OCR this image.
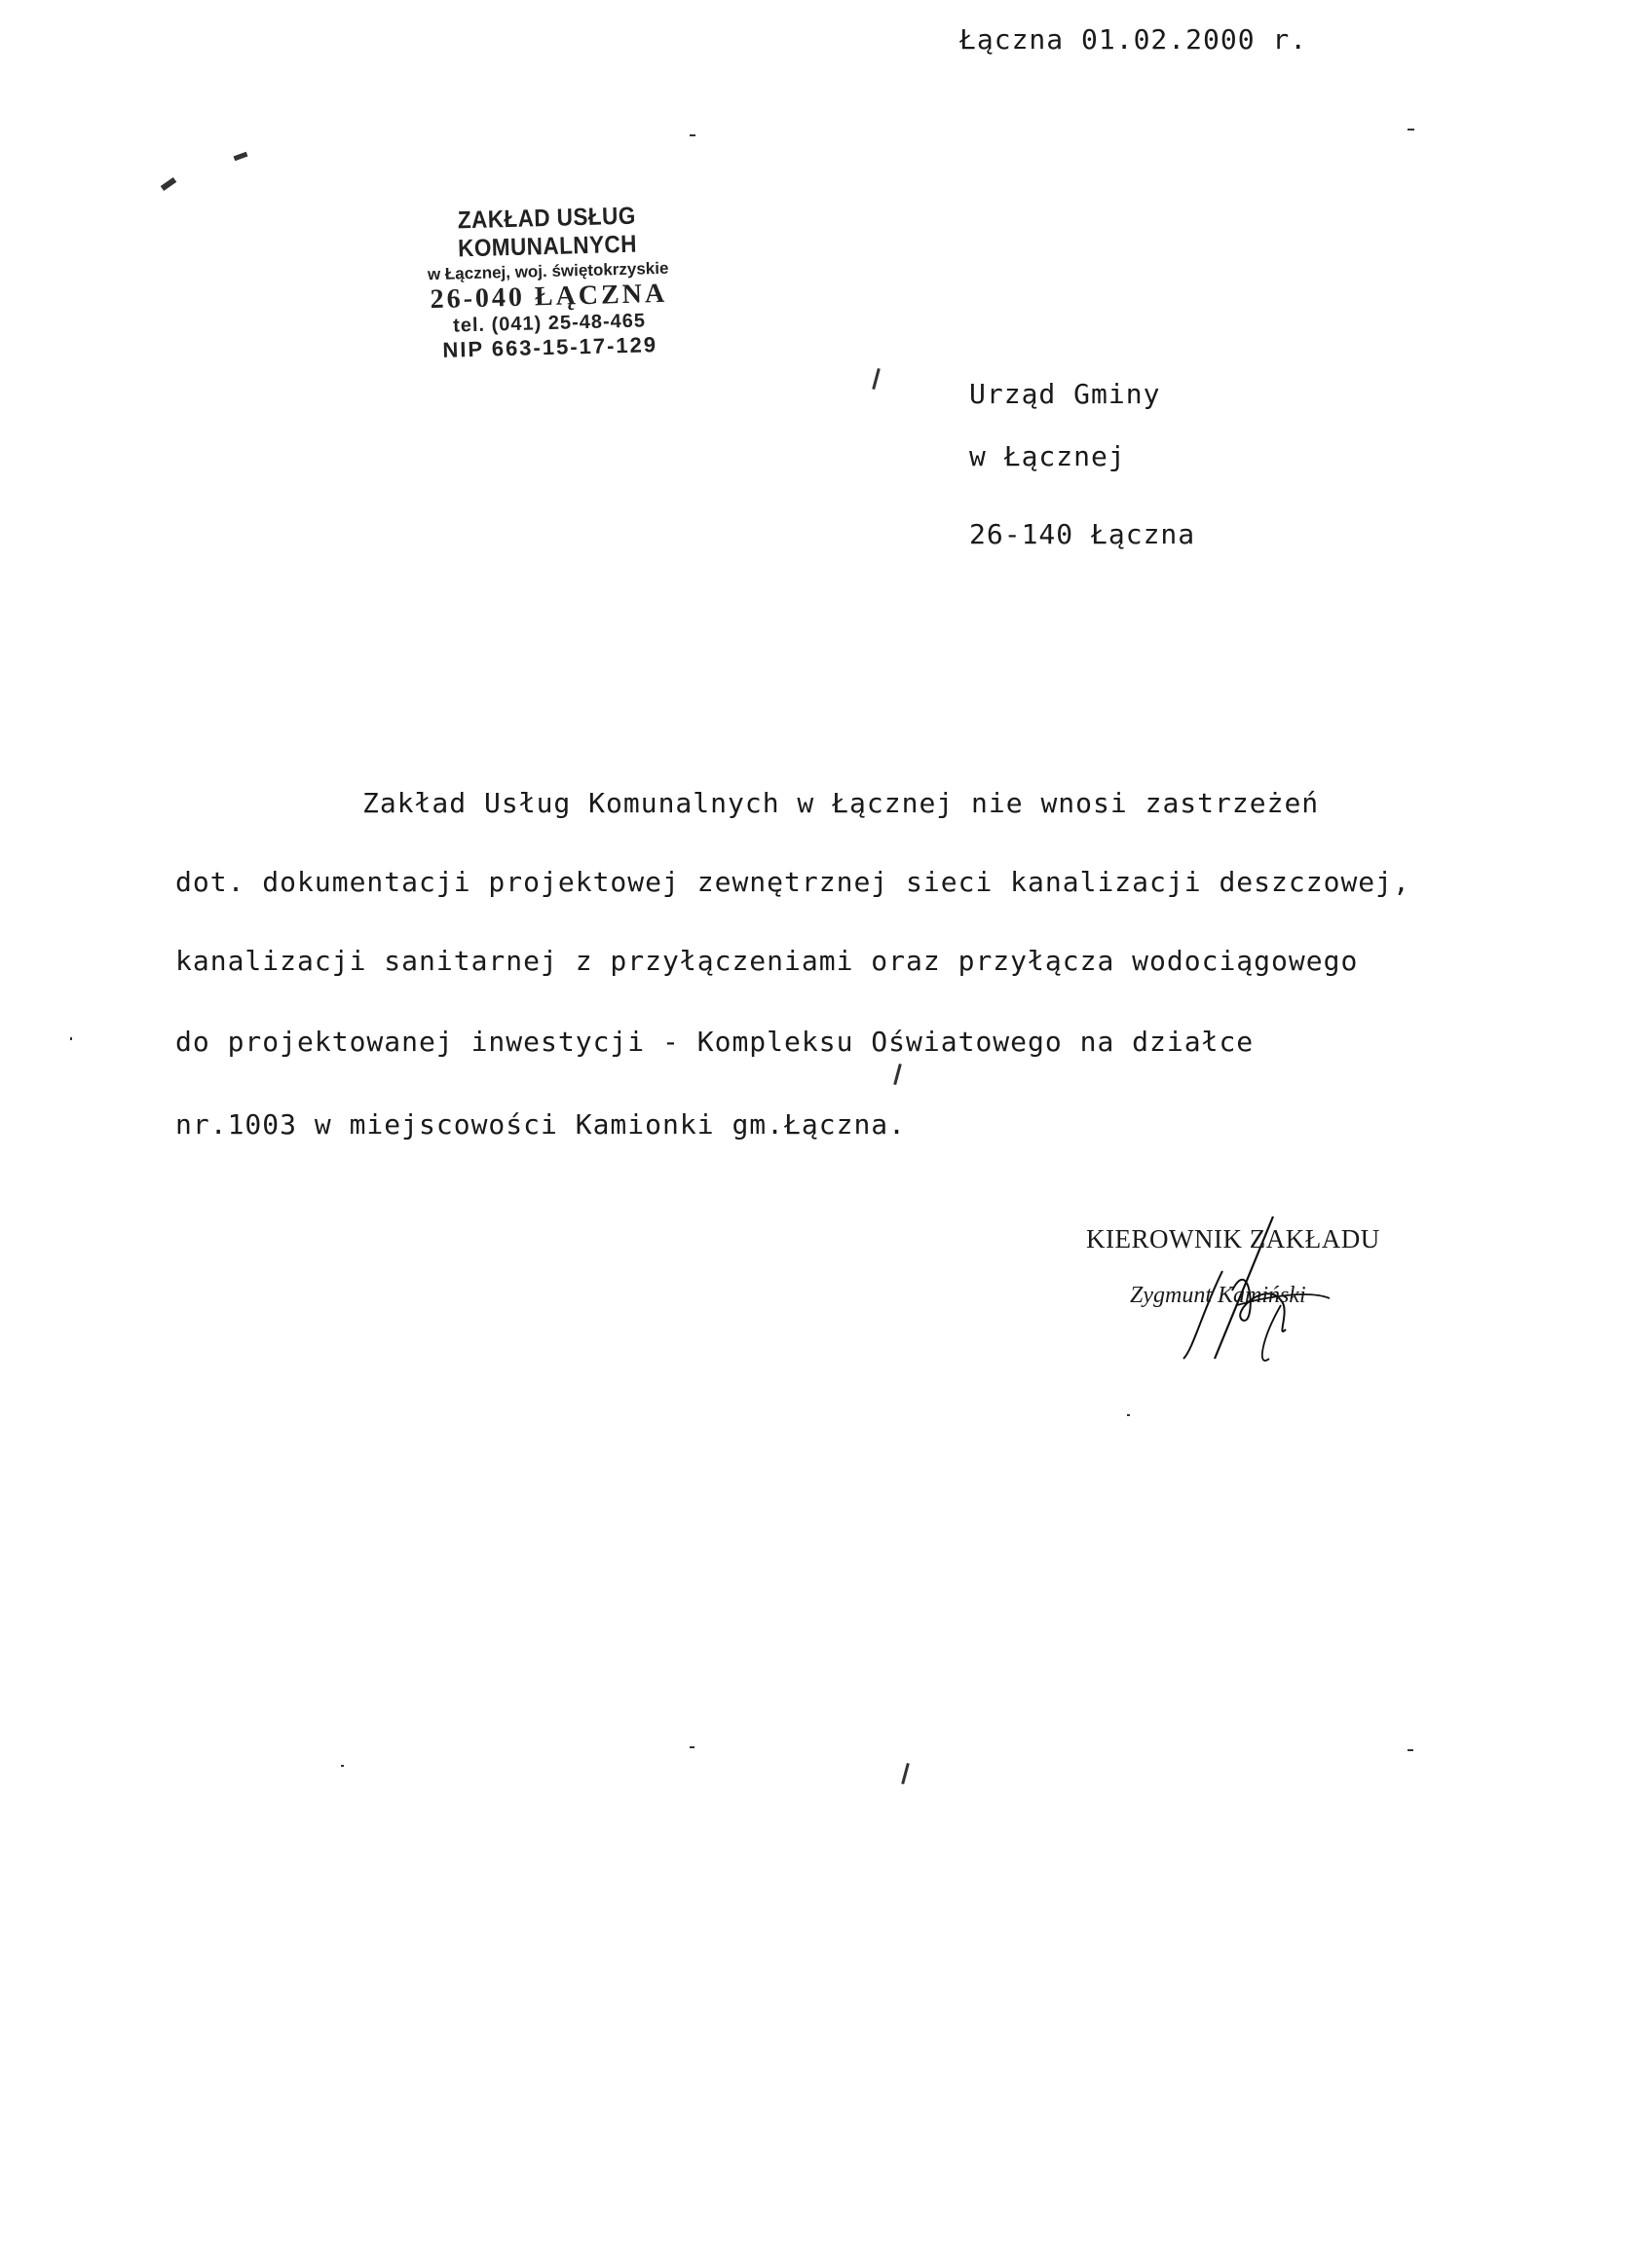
Łączna 01.02.2000 r.
ZAKŁAD USŁUG KOMUNALNYCH
w Łącznej, woj. świętokrzyskie
26-040 ŁĄCZNA
tel. (041) 25-48-465
NIP 663-15-17-129
Urząd Gminy
w Łącznej
26-140 Łączna
Zakład Usług Komunalnych w Łącznej nie wnosi zastrzeżeń
dot. dokumentacji projektowej zewnętrznej sieci kanalizacji deszczowej,
kanalizacji sanitarnej z przyłączeniami oraz przyłącza wodociągowego
do projektowanej inwestycji - Kompleksu Oświatowego na działce
nr.1003 w miejscowości Kamionki gm.Łączna.
KIEROWNIK ZAKŁADU
Zygmunt Kamiński
